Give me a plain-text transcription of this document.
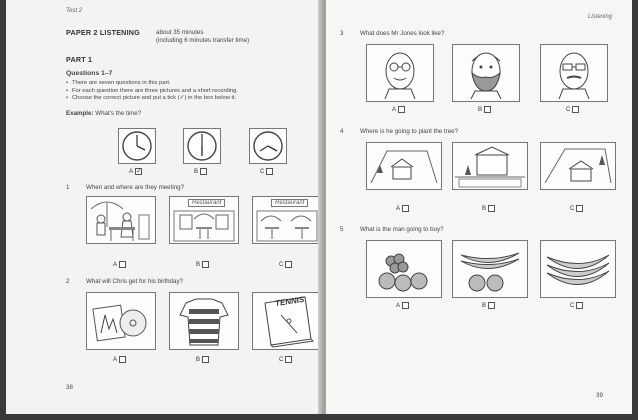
Test 2
PAPER 2 LISTENING	about 35 minutes
(including 6 minutes transfer time)
PART 1
Questions 1–7
• There are seven questions in this part.
• For each question there are three pictures and a short recording.
• Choose the correct picture and put a tick (✓) in the box below it.
Example: What's the time?
A ✓	B	C
1	When and where are they meeting?
Restaurant	Restaurant
A	B	C
2	What will Chris get for his birthday?
TENNIS
A	B	C
38
Listening
3	What does Mr Jones look like?
A	B	C
4	Where is he going to plant the tree?
A	B	C
5	What is the man going to buy?
A	B	C
39
